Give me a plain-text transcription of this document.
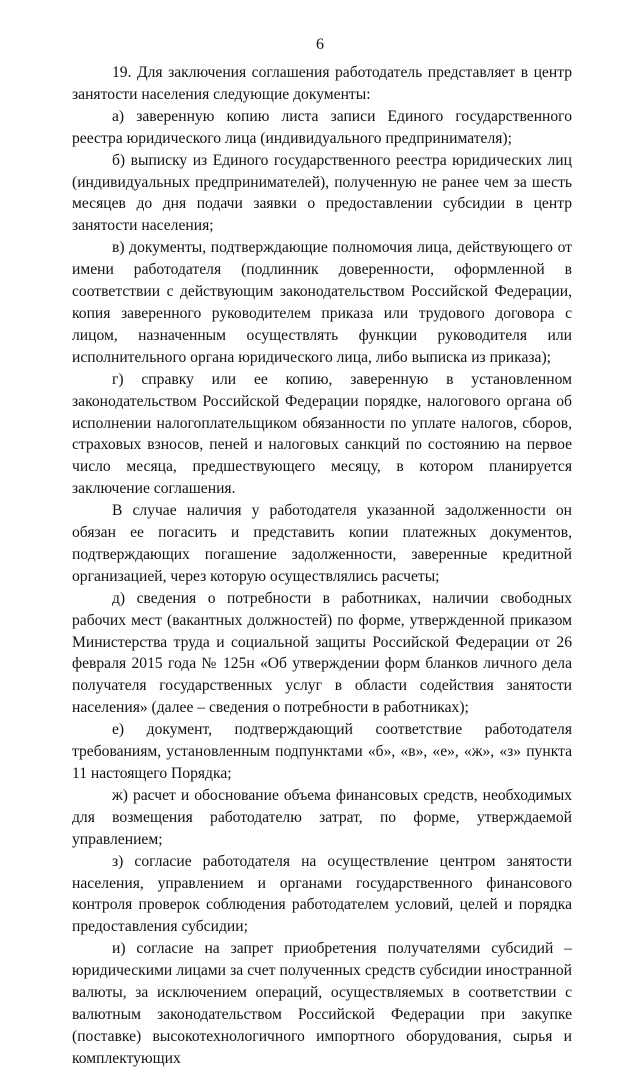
6

19. Для заключения соглашения работодатель представляет в центр занятости населения следующие документы:

а) заверенную копию листа записи Единого государственного реестра юридического лица (индивидуального предпринимателя);

б) выписку из Единого государственного реестра юридических лиц (индивидуальных предпринимателей), полученную не ранее чем за шесть месяцев до дня подачи заявки о предоставлении субсидии в центр занятости населения;

в) документы, подтверждающие полномочия лица, действующего от имени работодателя (подлинник доверенности, оформленной в соответствии с действующим законодательством Российской Федерации, копия заверенного руководителем приказа или трудового договора с лицом, назначенным осуществлять функции руководителя или исполнительного органа юридического лица, либо выписка из приказа);

г) справку или ее копию, заверенную в установленном законодательством Российской Федерации порядке, налогового органа об исполнении налогоплательщиком обязанности по уплате налогов, сборов, страховых взносов, пеней и налоговых санкций по состоянию на первое число месяца, предшествующего месяцу, в котором планируется заключение соглашения.

В случае наличия у работодателя указанной задолженности он обязан ее погасить и представить копии платежных документов, подтверждающих погашение задолженности, заверенные кредитной организацией, через которую осуществлялись расчеты;

д) сведения о потребности в работниках, наличии свободных рабочих мест (вакантных должностей) по форме, утвержденной приказом Министерства труда и социальной защиты Российской Федерации от 26 февраля 2015 года № 125н «Об утверждении форм бланков личного дела получателя государственных услуг в области содействия занятости населения» (далее – сведения о потребности в работниках);

е) документ, подтверждающий соответствие работодателя требованиям, установленным подпунктами «б», «в», «е», «ж», «з» пункта 11 настоящего Порядка;

ж) расчет и обоснование объема финансовых средств, необходимых для возмещения работодателю затрат, по форме, утверждаемой управлением;

з) согласие работодателя на осуществление центром занятости населения, управлением и органами государственного финансового контроля проверок соблюдения работодателем условий, целей и порядка предоставления субсидии;

и) согласие на запрет приобретения получателями субсидий – юридическими лицами за счет полученных средств субсидии иностранной валюты, за исключением операций, осуществляемых в соответствии с валютным законодательством Российской Федерации при закупке (поставке) высокотехнологичного импортного оборудования, сырья и комплектующих
